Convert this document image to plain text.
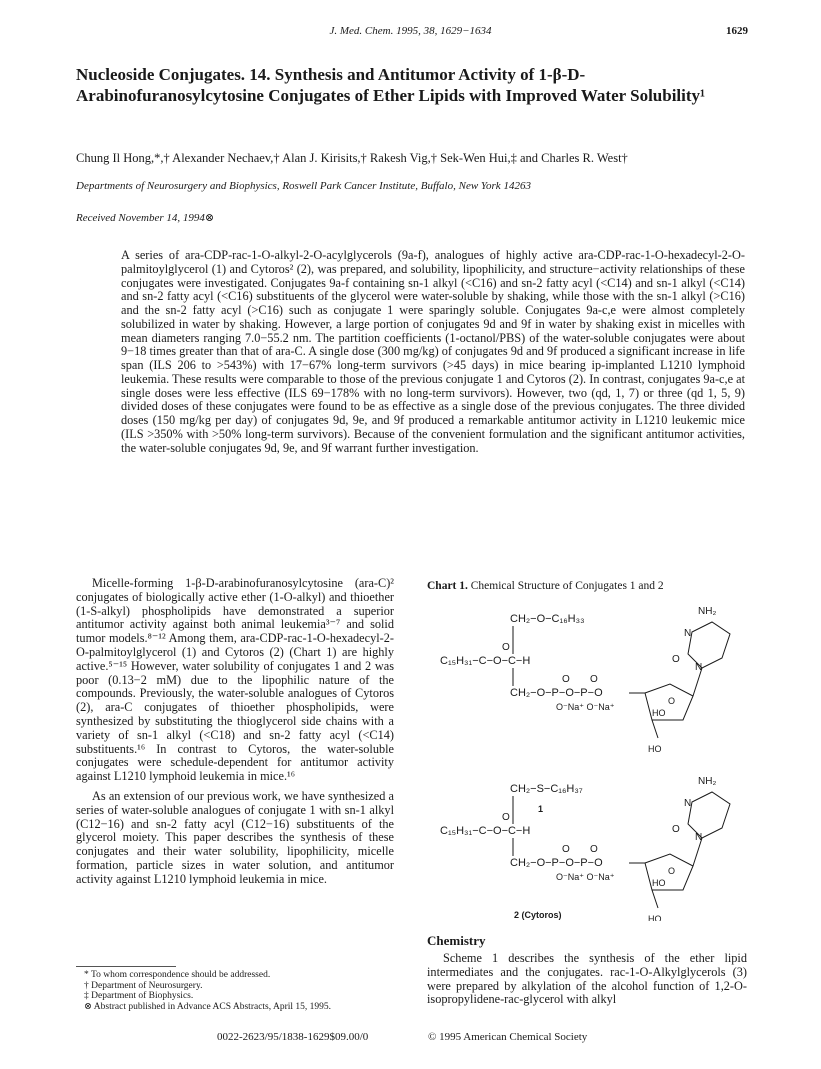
J. Med. Chem. 1995, 38, 1629−1634	1629
Nucleoside Conjugates. 14. Synthesis and Antitumor Activity of 1-β-D-Arabinofuranosylcytosine Conjugates of Ether Lipids with Improved Water Solubility¹
Chung Il Hong,*,† Alexander Nechaev,† Alan J. Kirisits,† Rakesh Vig,† Sek-Wen Hui,‡ and Charles R. West†
Departments of Neurosurgery and Biophysics, Roswell Park Cancer Institute, Buffalo, New York 14263
Received November 14, 1994⊗

A series of ara-CDP-rac-1-O-alkyl-2-O-acylglycerols (9a-f), analogues of highly active ara-CDP-rac-1-O-hexadecyl-2-O-palmitoylglycerol (1) and Cytoros² (2), was prepared, and solubility, lipophilicity, and structure−activity relationships of these conjugates were investigated. Conjugates 9a-f containing sn-1 alkyl (<C16) and sn-2 fatty acyl (<C14) and sn-1 alkyl (<C14) and sn-2 fatty acyl (<C16) substituents of the glycerol were water-soluble by shaking, while those with the sn-1 alkyl (>C16) and the sn-2 fatty acyl (>C16) such as conjugate 1 were sparingly soluble. Conjugates 9a-c,e were almost completely solubilized in water by shaking. However, a large portion of conjugates 9d and 9f in water by shaking exist in micelles with mean diameters ranging 7.0−55.2 nm. The partition coefficients (1-octanol/PBS) of the water-soluble conjugates were about 9−18 times greater than that of ara-C. A single dose (300 mg/kg) of conjugates 9d and 9f produced a significant increase in life span (ILS 206 to >543%) with 17−67% long-term survivors (>45 days) in mice bearing ip-implanted L1210 lymphoid leukemia. These results were comparable to those of the previous conjugate 1 and Cytoros (2). In contrast, conjugates 9a-c,e at single doses were less effective (ILS 69−178% with no long-term survivors). However, two (qd, 1, 7) or three (qd 1, 5, 9) divided doses of these conjugates were found to be as effective as a single dose of the previous conjugates. The three divided doses (150 mg/kg per day) of conjugates 9d, 9e, and 9f produced a remarkable antitumor activity in L1210 leukemic mice (ILS >350% with >50% long-term survivors). Because of the convenient formulation and the significant antitumor activities, the water-soluble conjugates 9d, 9e, and 9f warrant further investigation.

Micelle-forming 1-β-D-arabinofuranosylcytosine (ara-C)² conjugates of biologically active ether (1-O-alkyl) and thioether (1-S-alkyl) phospholipids have demonstrated a superior antitumor activity against both animal leukemia³⁻⁷ and solid tumor models.⁸⁻¹² Among them, ara-CDP-rac-1-O-hexadecyl-2-O-palmitoylglycerol (1) and Cytoros (2) (Chart 1) are highly active.⁵⁻¹⁵ However, water solubility of conjugates 1 and 2 was poor (0.13−2 mM) due to the lipophilic nature of the compounds. Previously, the water-soluble analogues of Cytoros (2), ara-C conjugates of thioether phospholipids, were synthesized by substituting the thioglycerol side chains with a variety of sn-1 alkyl (<C18) and sn-2 fatty acyl (<C14) substituents.¹⁶ In contrast to Cytoros, the water-soluble conjugates were schedule-dependent for antitumor activity against L1210 lymphoid leukemia in mice.¹⁶

As an extension of our previous work, we have synthesized a series of water-soluble analogues of conjugate 1 with sn-1 alkyl (C12−16) and sn-2 fatty acyl (C12−16) substituents of the glycerol moiety. This paper describes the synthesis of these conjugates and their water solubility, lipophilicity, micelle formation, particle sizes in water solution, and antitumor activity against L1210 lymphoid leukemia in mice.

Chart 1. Chemical Structure of Conjugates 1 and 2
C₁₅H₃₁−C−O−C−H
CH₂−O−C₁₆H₃₃
O
CH₂−O−P−O−P−O
O O
O⁻Na⁺ O⁻Na⁺
O
HO
HO
N
N
O
NH₂
1
C₁₅H₃₁−C−O−C−H
CH₂−S−C₁₆H₃₇
O
CH₂−O−P−O−P−O
O O
O⁻Na⁺ O⁻Na⁺
O
HO
HO
N
N
O
NH₂
2 (Cytoros)
Chemistry

Scheme 1 describes the synthesis of the ether lipid intermediates and the conjugates. rac-1-O-Alkylglycerols (3) were prepared by alkylation of the alcohol function of 1,2-O-isopropylidene-rac-glycerol with alkyl

* To whom correspondence should be addressed.
† Department of Neurosurgery.
‡ Department of Biophysics.
⊗ Abstract published in Advance ACS Abstracts, April 15, 1995.
0022-2623/95/1838-1629$09.00/0	© 1995 American Chemical Society
